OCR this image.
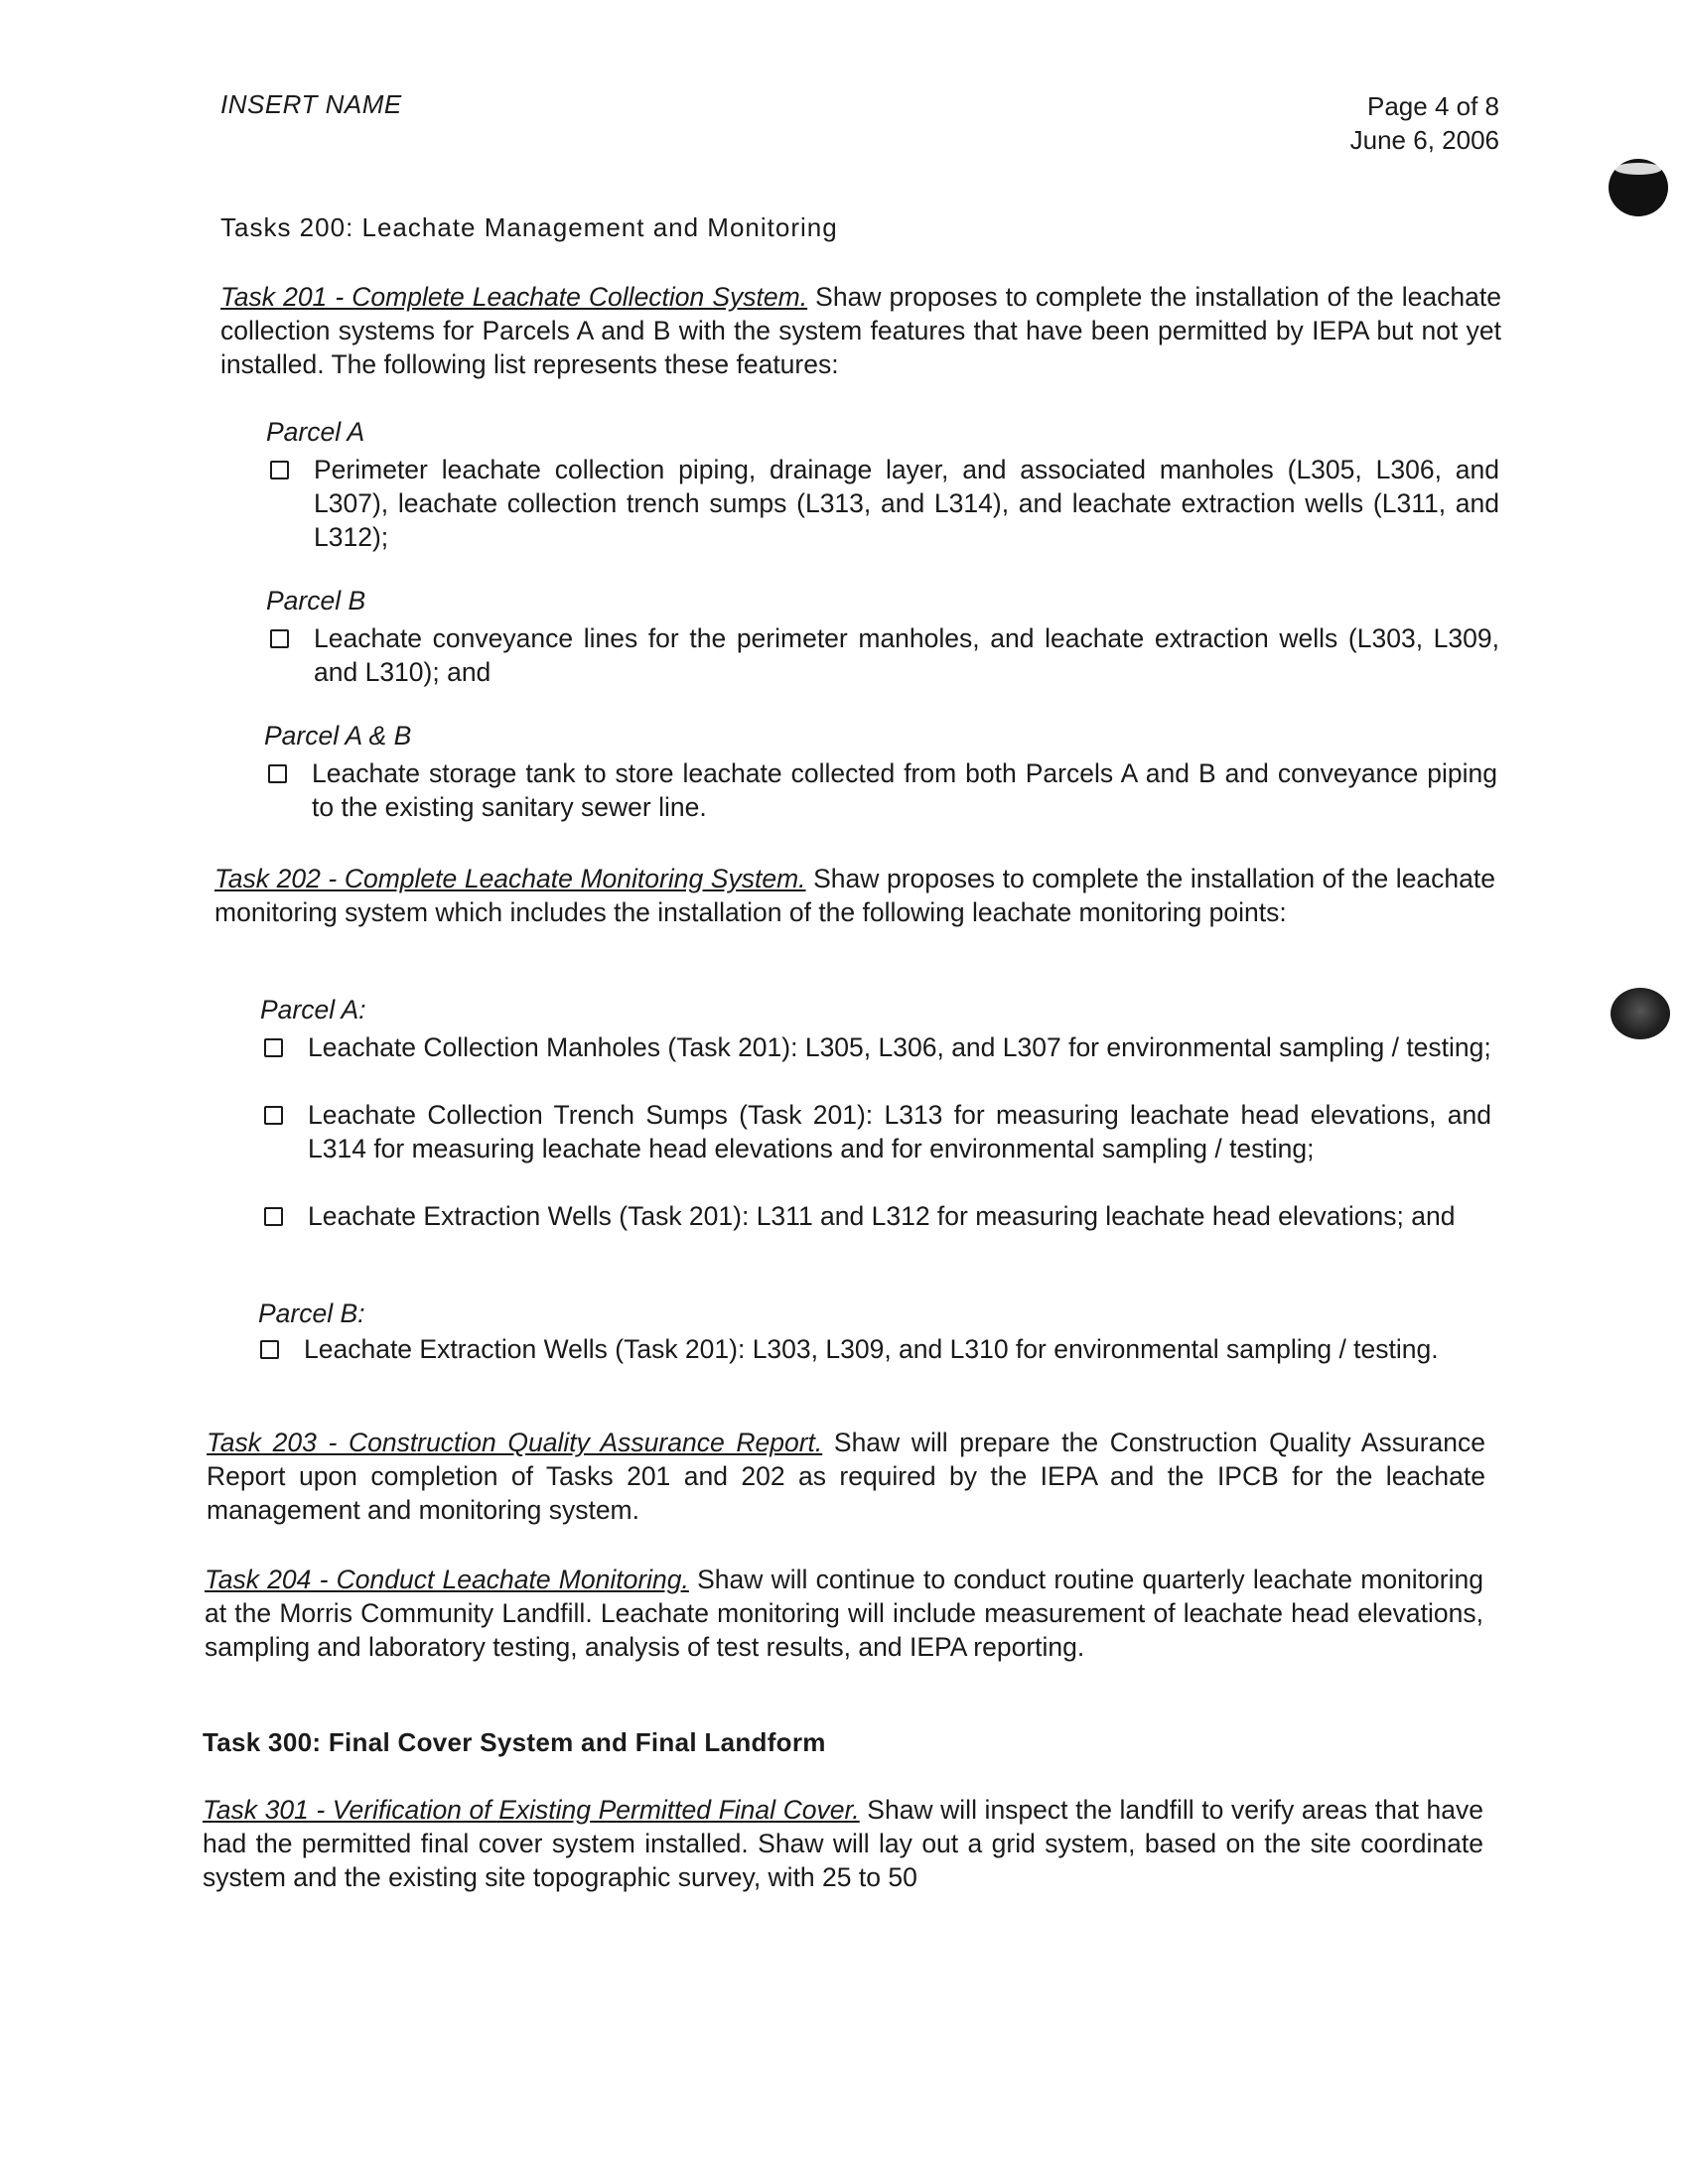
INSERT NAME	Page 4 of 8
June 6, 2006
Tasks 200: Leachate Management and Monitoring
Task 201 - Complete Leachate Collection System. Shaw proposes to complete the installation of the leachate collection systems for Parcels A and B with the system features that have been permitted by IEPA but not yet installed. The following list represents these features:
Parcel A
Perimeter leachate collection piping, drainage layer, and associated manholes (L305, L306, and L307), leachate collection trench sumps (L313, and L314), and leachate extraction wells (L311, and L312);
Parcel B
Leachate conveyance lines for the perimeter manholes, and leachate extraction wells (L303, L309, and L310); and
Parcel A & B
Leachate storage tank to store leachate collected from both Parcels A and B and conveyance piping to the existing sanitary sewer line.
Task 202 - Complete Leachate Monitoring System. Shaw proposes to complete the installation of the leachate monitoring system which includes the installation of the following leachate monitoring points:
Parcel A:
Leachate Collection Manholes (Task 201): L305, L306, and L307 for environmental sampling / testing;
Leachate Collection Trench Sumps (Task 201): L313 for measuring leachate head elevations, and L314 for measuring leachate head elevations and for environmental sampling / testing;
Leachate Extraction Wells (Task 201): L311 and L312 for measuring leachate head elevations; and
Parcel B:
Leachate Extraction Wells (Task 201): L303, L309, and L310 for environmental sampling / testing.
Task 203 - Construction Quality Assurance Report. Shaw will prepare the Construction Quality Assurance Report upon completion of Tasks 201 and 202 as required by the IEPA and the IPCB for the leachate management and monitoring system.
Task 204 - Conduct Leachate Monitoring. Shaw will continue to conduct routine quarterly leachate monitoring at the Morris Community Landfill. Leachate monitoring will include measurement of leachate head elevations, sampling and laboratory testing, analysis of test results, and IEPA reporting.
Task 300: Final Cover System and Final Landform
Task 301 - Verification of Existing Permitted Final Cover. Shaw will inspect the landfill to verify areas that have had the permitted final cover system installed. Shaw will lay out a grid system, based on the site coordinate system and the existing site topographic survey, with 25 to 50
